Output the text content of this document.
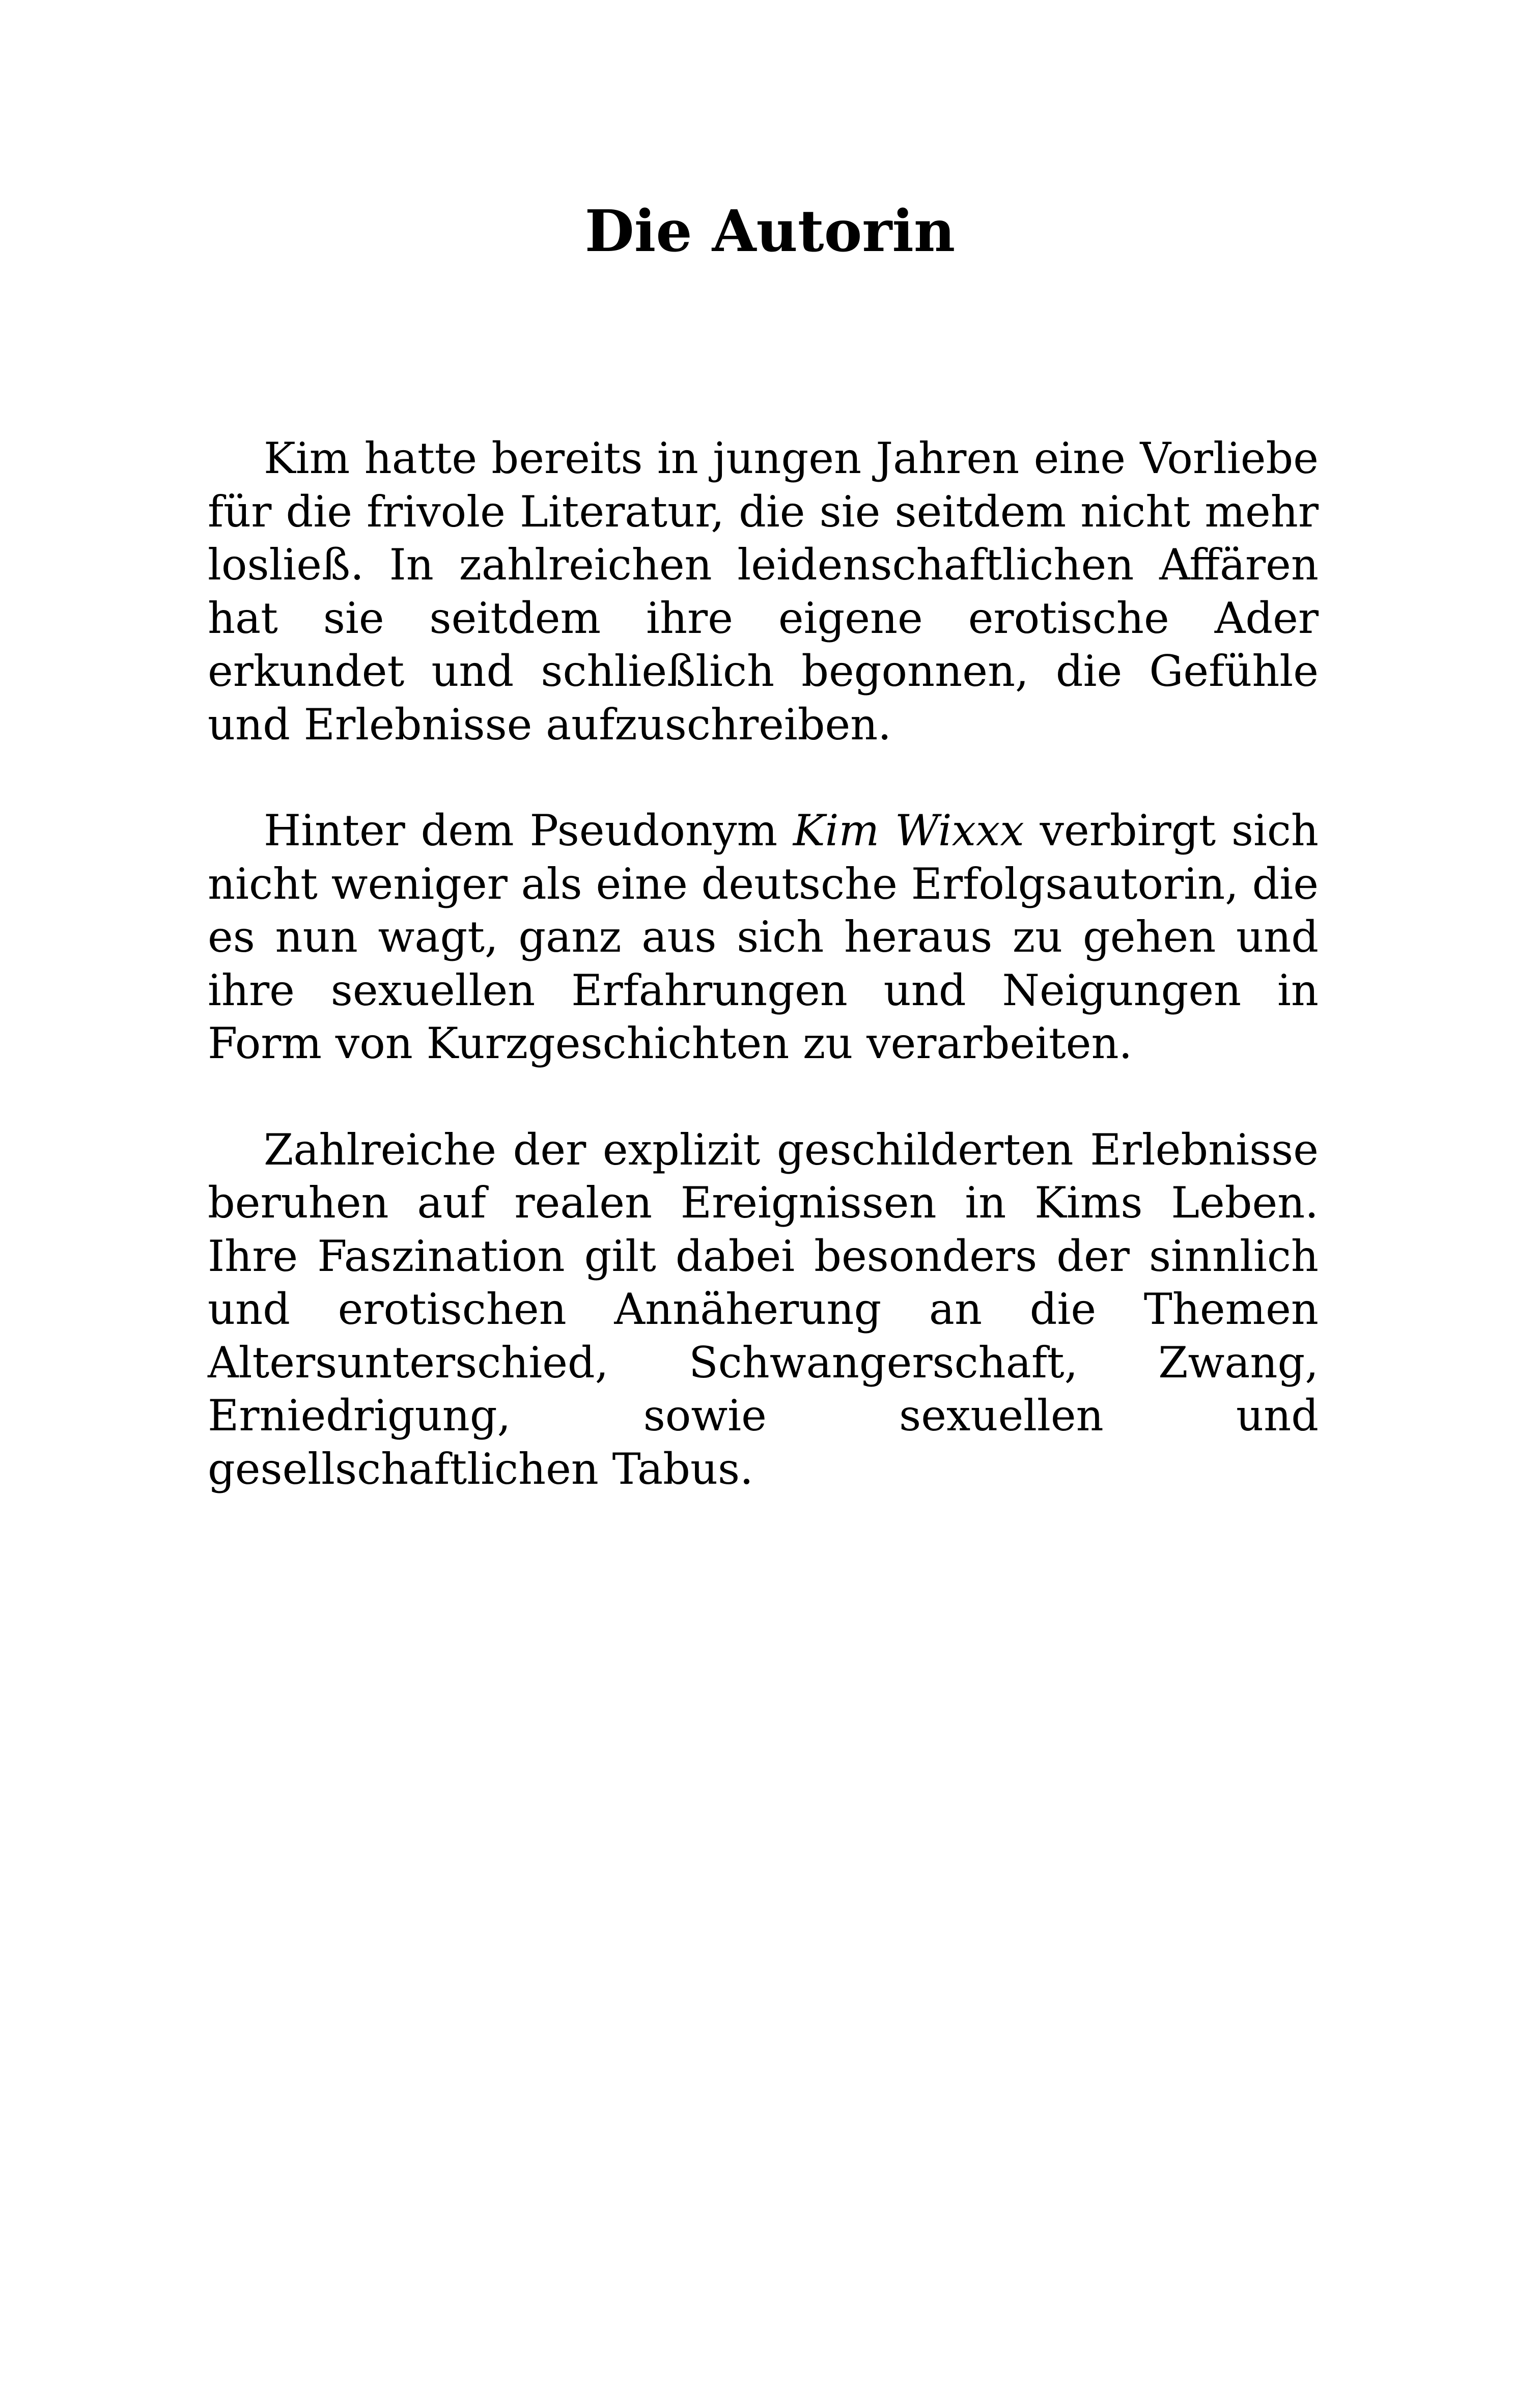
Die Autorin

Kim hatte bereits in jungen Jahren eine Vorliebe für die frivole Literatur, die sie seitdem nicht mehr losließ. In zahlreichen leidenschaftlichen Affären hat sie seitdem ihre eigene erotische Ader erkundet und schließlich begonnen, die Gefühle und Erlebnisse aufzuschreiben.

Hinter dem Pseudonym Kim Wixxx verbirgt sich nicht weniger als eine deutsche Erfolgsautorin, die es nun wagt, ganz aus sich heraus zu gehen und ihre sexuellen Erfahrungen und Neigungen in Form von Kurzgeschichten zu verarbeiten.

Zahlreiche der explizit geschilderten Erlebnisse beruhen auf realen Ereignissen in Kims Leben. Ihre Faszination gilt dabei besonders der sinnlich und erotischen Annäherung an die Themen Altersunterschied, Schwangerschaft, Zwang, Erniedrigung, sowie sexuellen und gesellschaftlichen Tabus.
